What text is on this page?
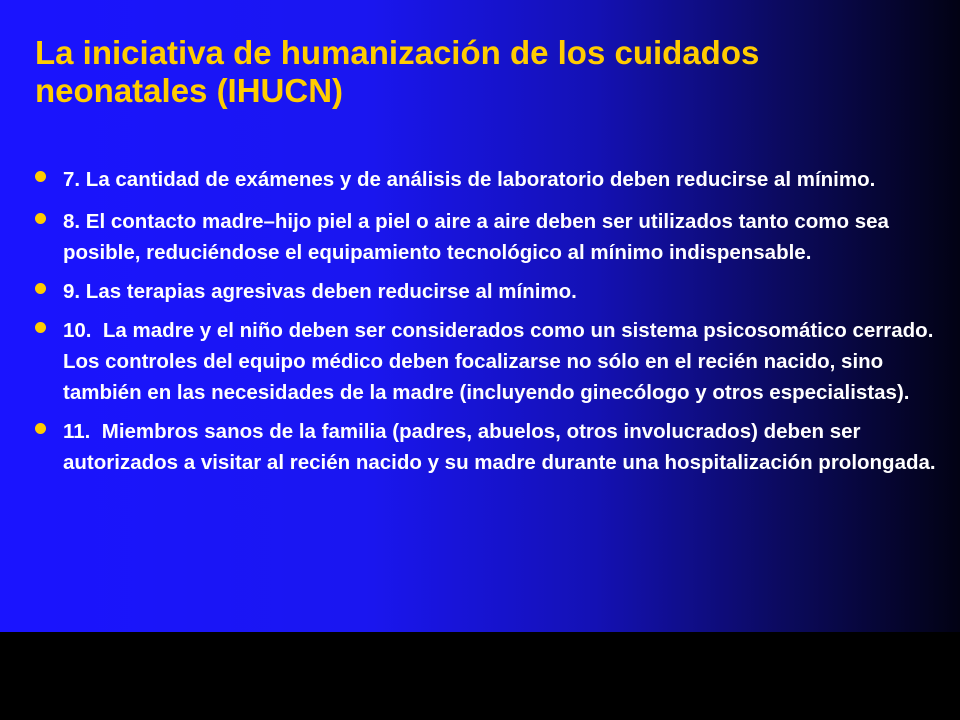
La iniciativa de humanización de los cuidados neonatales (IHUCN)
7. La cantidad de exámenes y de análisis de laboratorio deben reducirse al mínimo.
8. El contacto madre–hijo piel a piel o aire a aire deben ser utilizados tanto como sea posible, reduciéndose el equipamiento tecnológico al mínimo indispensable.
9. Las terapias agresivas deben reducirse al mínimo.
10.  La madre y el niño deben ser considerados como un sistema psicosomático cerrado. Los controles del equipo médico deben focalizarse no sólo en el recién nacido, sino también en las necesidades de la madre (incluyendo ginecólogo y otros especialistas).
11.  Miembros sanos de la familia (padres, abuelos, otros involucrados) deben ser autorizados a visitar al recién nacido y su madre durante una hospitalización prolongada.
